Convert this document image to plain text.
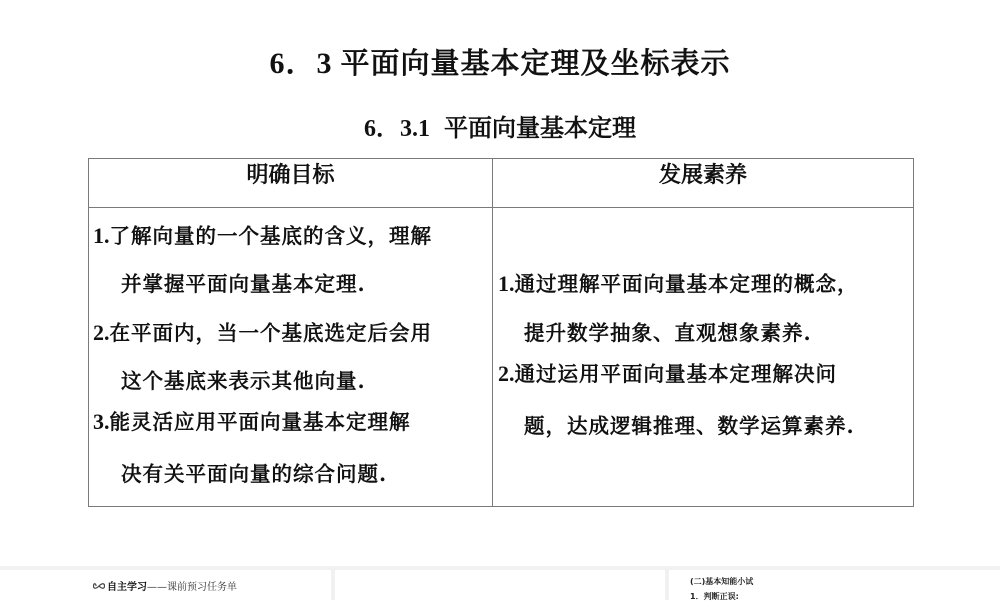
6．3 平面向量基本定理及坐标表示
6．3.1 平面向量基本定理
明确目标	发展素养
1.了解向量的一个基底的含义，理解
并掌握平面向量基本定理.
2.在平面内，当一个基底选定后会用
这个基底来表示其他向量.
3.能灵活应用平面向量基本定理解
决有关平面向量的综合问题.
1.通过理解平面向量基本定理的概念，
提升数学抽象、直观想象素养.
2.通过运用平面向量基本定理解决问
题，达成逻辑推理、数学运算素养.
自主学习——课前预习任务单
(二)基本知能小试
1．判断正误:
